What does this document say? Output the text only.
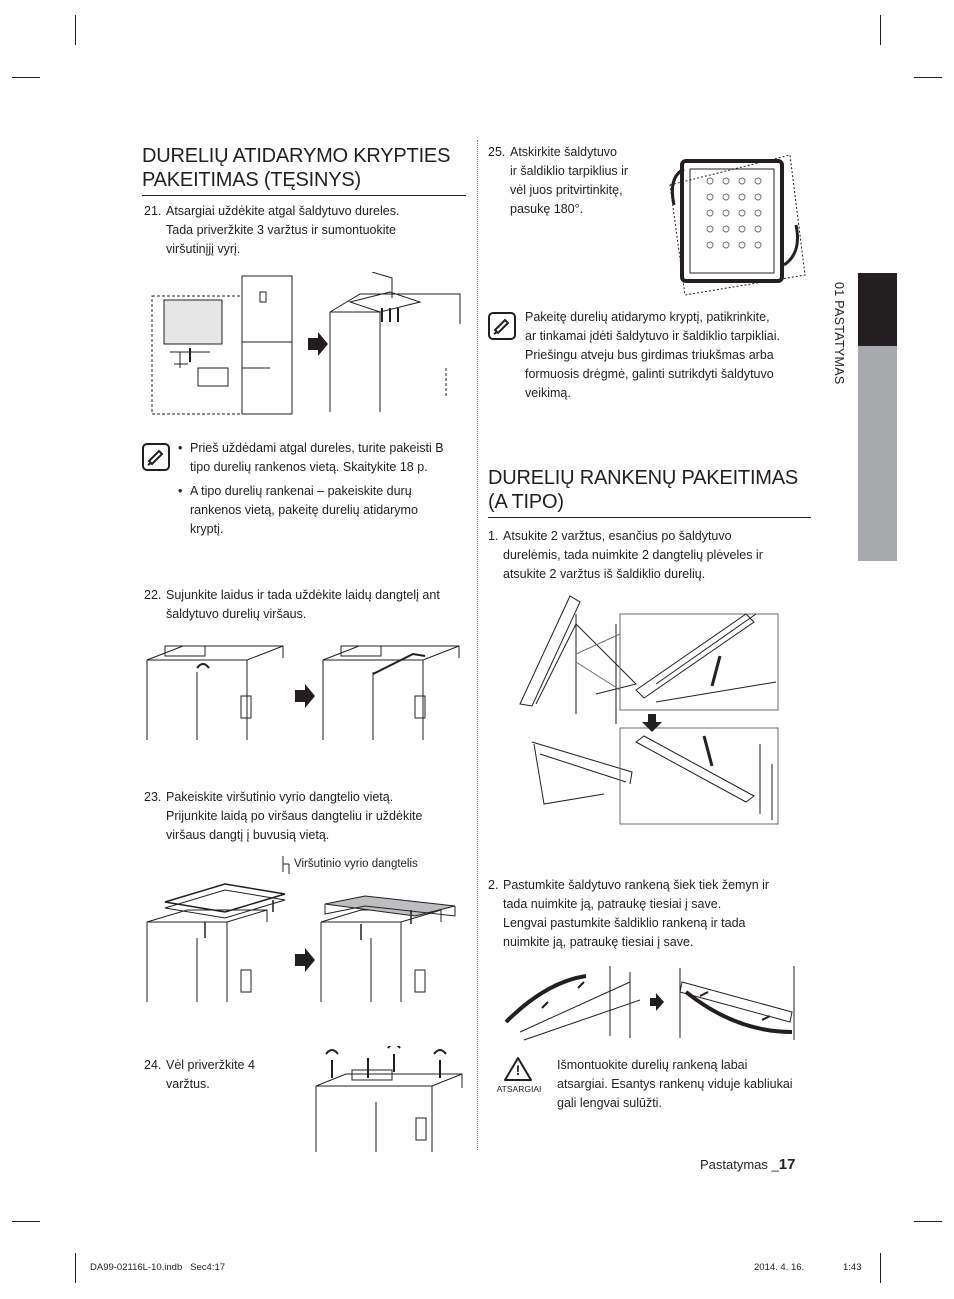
01 PASTATYMAS
DURELIŲ ATIDARYMO KRYPTIES
PAKEITIMAS (TĘSINYS)
21. Atsargiai uždėkite atgal šaldytuvo dureles.
Tada priveržkite 3 varžtus ir sumontuokite
viršutinįjį vyrį.
• Prieš uždėdami atgal dureles, turite pakeisti B
tipo durelių rankenos vietą. Skaitykite 18 p.
• A tipo durelių rankenai – pakeiskite durų
rankenos vietą, pakeitę durelių atidarymo
kryptį.
22. Sujunkite laidus ir tada uždėkite laidų dangtelį ant
šaldytuvo durelių viršaus.
23. Pakeiskite viršutinio vyrio dangtelio vietą.
Prijunkite laidą po viršaus dangteliu ir uždėkite
viršaus dangtį į buvusią vietą.
Viršutinio vyrio dangtelis
24. Vėl priveržkite 4
varžtus.
25. Atskirkite šaldytuvo
ir šaldiklio tarpiklius ir
vėl juos pritvirtinkitę,
pasukę 180°.
Pakeitę durelių atidarymo kryptį, patikrinkite,
ar tinkamai įdėti šaldytuvo ir šaldiklio tarpikliai.
Priešingu atveju bus girdimas triukšmas arba
formuosis drėgmė, galinti sutrikdyti šaldytuvo
veikimą.
DURELIŲ RANKENŲ PAKEITIMAS
(A TIPO)
1. Atsukite 2 varžtus, esančius po šaldytuvo
durelėmis, tada nuimkite 2 dangtelių plėveles ir
atsukite 2 varžtus iš šaldiklio durelių.
2. Pastumkite šaldytuvo rankeną šiek tiek žemyn ir
tada nuimkite ją, patraukę tiesiai į save.
Lengvai pastumkite šaldiklio rankeną ir tada
nuimkite ją, patraukę tiesiai į save.
!
ATSARGIAI
Išmontuokite durelių rankeną labai
atsargiai. Esantys rankenų viduje kabliukai
gali lengvai sulūžti.
Pastatymas _17
DA99-02116L-10.indb   Sec4:17	2014. 4. 16.	1:43
